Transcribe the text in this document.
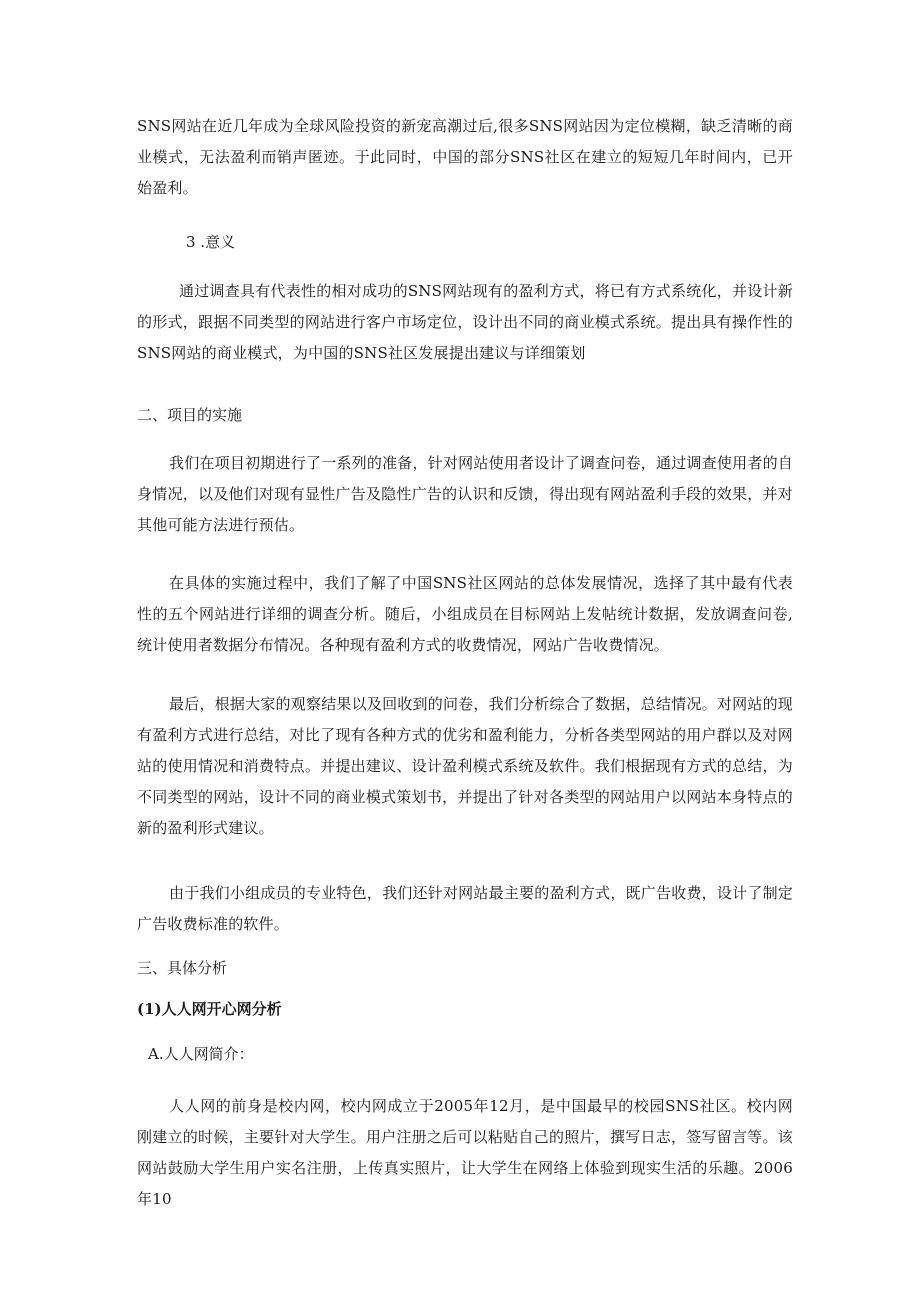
SNS网站在近几年成为全球风险投资的新宠高潮过后,很多SNS网站因为定位模糊，缺乏清晰的商业模式，无法盈利而销声匿迹。于此同时，中国的部分SNS社区在建立的短短几年时间内，已开始盈利。

3 .意义

通过调查具有代表性的相对成功的SNS网站现有的盈利方式，将已有方式系统化，并设计新的形式，跟据不同类型的网站进行客户市场定位，设计出不同的商业模式系统。提出具有操作性的SNS网站的商业模式，为中国的SNS社区发展提出建议与详细策划

二、项目的实施

我们在项目初期进行了一系列的准备，针对网站使用者设计了调查问卷，通过调查使用者的自身情况，以及他们对现有显性广告及隐性广告的认识和反馈，得出现有网站盈利手段的效果，并对其他可能方法进行预估。

在具体的实施过程中，我们了解了中国SNS社区网站的总体发展情况，选择了其中最有代表性的五个网站进行详细的调查分析。随后，小组成员在目标网站上发帖统计数据，发放调查问卷,统计使用者数据分布情况。各种现有盈利方式的收费情况，网站广告收费情况。

最后，根据大家的观察结果以及回收到的问卷，我们分析综合了数据，总结情况。对网站的现有盈利方式进行总结，对比了现有各种方式的优劣和盈利能力，分析各类型网站的用户群以及对网站的使用情况和消费特点。并提出建议、设计盈利模式系统及软件。我们根据现有方式的总结，为不同类型的网站，设计不同的商业模式策划书，并提出了针对各类型的网站用户以网站本身特点的新的盈利形式建议。

由于我们小组成员的专业特色，我们还针对网站最主要的盈利方式，既广告收费，设计了制定广告收费标准的软件。

三、具体分析

(1)人人网开心网分析

A.人人网简介：

人人网的前身是校内网，校内网成立于2005年12月，是中国最早的校园SNS社区。校内网刚建立的时候，主要针对大学生。用户注册之后可以粘贴自己的照片，撰写日志，签写留言等。该网站鼓励大学生用户实名注册，上传真实照片，让大学生在网络上体验到现实生活的乐趣。2006年10
